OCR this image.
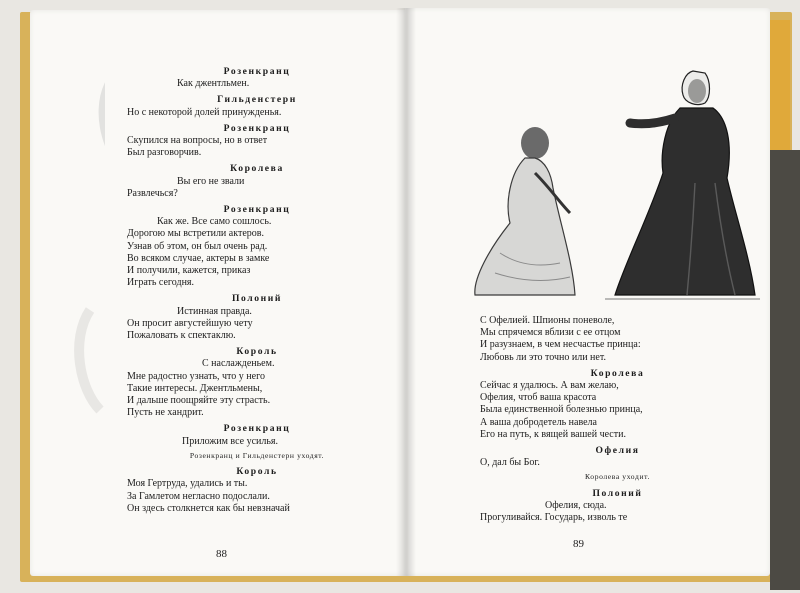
Розенкранц
Как джентльмен.
Гильденстерн
Но с некоторой долей принужденья.
Розенкранц
Скупился на вопросы, но в ответ
Был разговорчив.
Королева
Вы его не звали
Развлечься?
Розенкранц
Как же. Все само сошлось.
Дорогою мы встретили актеров.
Узнав об этом, он был очень рад.
Во всяком случае, актеры в замке
И получили, кажется, приказ
Играть сегодня.
Полоний
Истинная правда.
Он просит августейшую чету
Пожаловать к спектаклю.
Король
С наслажденьем.
Мне радостно узнать, что у него
Такие интересы. Джентльмены,
И дальше поощряйте эту страсть.
Пусть не хандрит.
Розенкранц
Приложим все усилья.
Розенкранц и Гильденстерн уходят.
Король
Моя Гертруда, удались и ты.
За Гамлетом негласно подослали.
Он здесь столкнется как бы невзначай
88
С Офелией. Шпионы поневоле,
Мы спрячемся вблизи с ее отцом
И разузнаем, в чем несчастье принца:
Любовь ли это точно или нет.
Королева
Сейчас я удалюсь. А вам желаю,
Офелия, чтоб ваша красота
Была единственной болезнью принца,
А ваша добродетель навела
Его на путь, к вящей вашей чести.
Офелия
О, дал бы Бог.
Королева уходит.
Полоний
Офелия, сюда.
Прогуливайся. Государь, изволь те
89
